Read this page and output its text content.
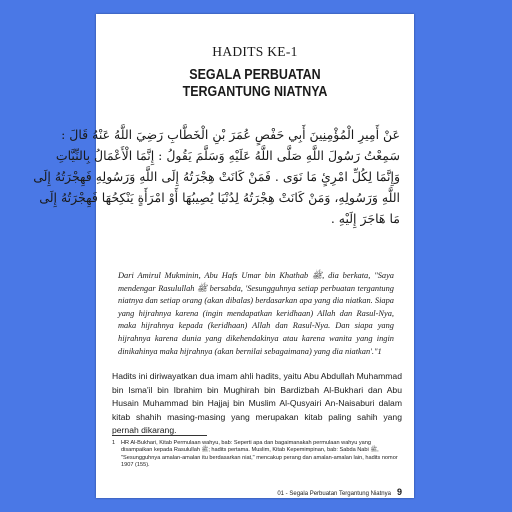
HADITS KE-1
SEGALA PERBUATAN
TERGANTUNG NIATNYA
عَنْ أَمِيرِ الْمُؤْمِنِينَ أَبِي حَفْصٍ عُمَرَ بْنِ الْخَطَّابِ رَضِيَ اللَّهُ عَنْهُ قَالَ :
سَمِعْتُ رَسُولَ اللَّهِ صَلَّى اللَّهُ عَلَيْهِ وَسَلَّمَ يَقُولُ : إِنَّمَا الْأَعْمَالُ بِالنِّيَّاتِ
وَإِنَّمَا لِكُلِّ امْرِئٍ مَا نَوَى . فَمَنْ كَانَتْ هِجْرَتُهُ إِلَى اللَّهِ وَرَسُولِهِ فَهِجْرَتُهُ إِلَى
اللَّهِ وَرَسُولِهِ، وَمَنْ كَانَتْ هِجْرَتُهُ لِدُنْيَا يُصِيبُهَا أَوْ امْرَأَةٍ يَنْكِحُهَا فَهِجْرَتُهُ إِلَى
مَا هَاجَرَ إِلَيْهِ .
Dari Amirul Mukminin, Abu Hafs Umar bin Khathab ﷺ, dia berkata, "Saya mendengar Rasulullah ﷺ bersabda, 'Sesungguhnya setiap perbuatan tergantung niatnya dan setiap orang (akan dibalas) berdasarkan apa yang dia niatkan. Siapa yang hijrahnya karena (ingin mendapatkan keridhaan) Allah dan Rasul-Nya, maka hijrahnya kepada (keridhaan) Allah dan Rasul-Nya. Dan siapa yang hijrahnya karena dunia yang dikehendakinya atau karena wanita yang ingin dinikahinya maka hijrahnya (akan bernilai sebagaimana) yang dia niatkan'."1
Hadits ini diriwayatkan dua imam ahli hadits, yaitu Abu Abdullah Muhammad bin Isma'il bin Ibrahim bin Mughirah bin Bardizbah Al-Bukhari dan Abu Husain Muhammad bin Hajjaj bin Muslim Al-Qusyairi An-Naisaburi dalam kitab shahih masing-masing yang merupakan kitab paling sahih yang pernah dikarang.
1 HR Al-Bukhari, Kitab Permulaan wahyu, bab: Seperti apa dan bagaimanakah permulaan wahyu yang disampaikan kepada Rasulullah ﷺ; hadits pertama. Muslim, Kitab Kepemimpinan, bab: Sabda Nabi ﷺ, "Sesungguhnya amalan-amalan itu berdasarkan niat," mencakup perang dan amalan-amalan lain, hadits nomor 1907 (155).
01 - Segala Perbuatan Tergantung Niatnya 9
